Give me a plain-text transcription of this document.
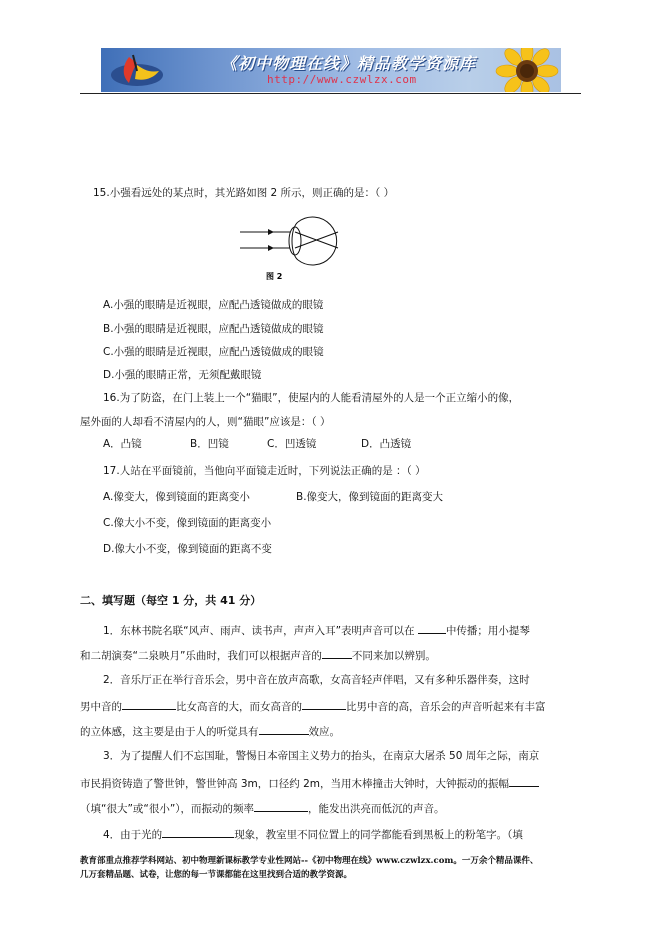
《初中物理在线》精品教学资源库
http://www.czwlzx.com
15.小强看远处的某点时，其光路如图 2 所示，则正确的是：（ ）
图 2
A.小强的眼睛是近视眼，应配凸透镜做成的眼镜
B.小强的眼睛是近视眼，应配凸透镜做成的眼镜
C.小强的眼睛是近视眼，应配凸透镜做成的眼镜
D.小强的眼睛正常，无须配戴眼镜
16.为了防盗，在门上装上一个“猫眼”，使屋内的人能看清屋外的人是一个正立缩小的像，
屋外面的人却看不清屋内的人，则“猫眼”应该是：（ ）
A．凸镜	B．凹镜	C．凹透镜	D．凸透镜
17.人站在平面镜前，当他向平面镜走近时，下列说法正确的是 ：（ ）
A.像变大，像到镜面的距离变小	B.像变大，像到镜面的距离变大
C.像大小不变，像到镜面的距离变小
D.像大小不变，像到镜面的距离不变
二、填写题（每空 1 分，共 41 分）
1．东林书院名联“风声、雨声、读书声，声声入耳”表明声音可以在	中传播；用小提琴
和二胡演奏“二泉映月”乐曲时，我们可以根据声音的	不同来加以辨别。
2．音乐厅正在举行音乐会，男中音在放声高歌，女高音轻声伴唱，又有多种乐器伴奏，这时
男中音的	比女高音的大，而女高音的	比男中音的高，音乐会的声音听起来有丰富
的立体感，这主要是由于人的听觉具有	效应。
3．为了提醒人们不忘国耻，警惕日本帝国主义势力的抬头，在南京大屠杀 50 周年之际，南京
市民捐资铸造了警世钟，警世钟高 3m，口径约 2m，当用木棒撞击大钟时，大钟振动的振幅
（填“很大”或“很小”），而振动的频率	，能发出洪亮而低沉的声音。
4．由于光的	现象，教室里不同位置上的同学都能看到黑板上的粉笔字。（填
教育部重点推荐学科网站、初中物理新课标教学专业性网站--《初中物理在线》www.czwlzx.com。一万余个精品课件、
几万套精品题、试卷，让您的每一节课都能在这里找到合适的教学资源。
